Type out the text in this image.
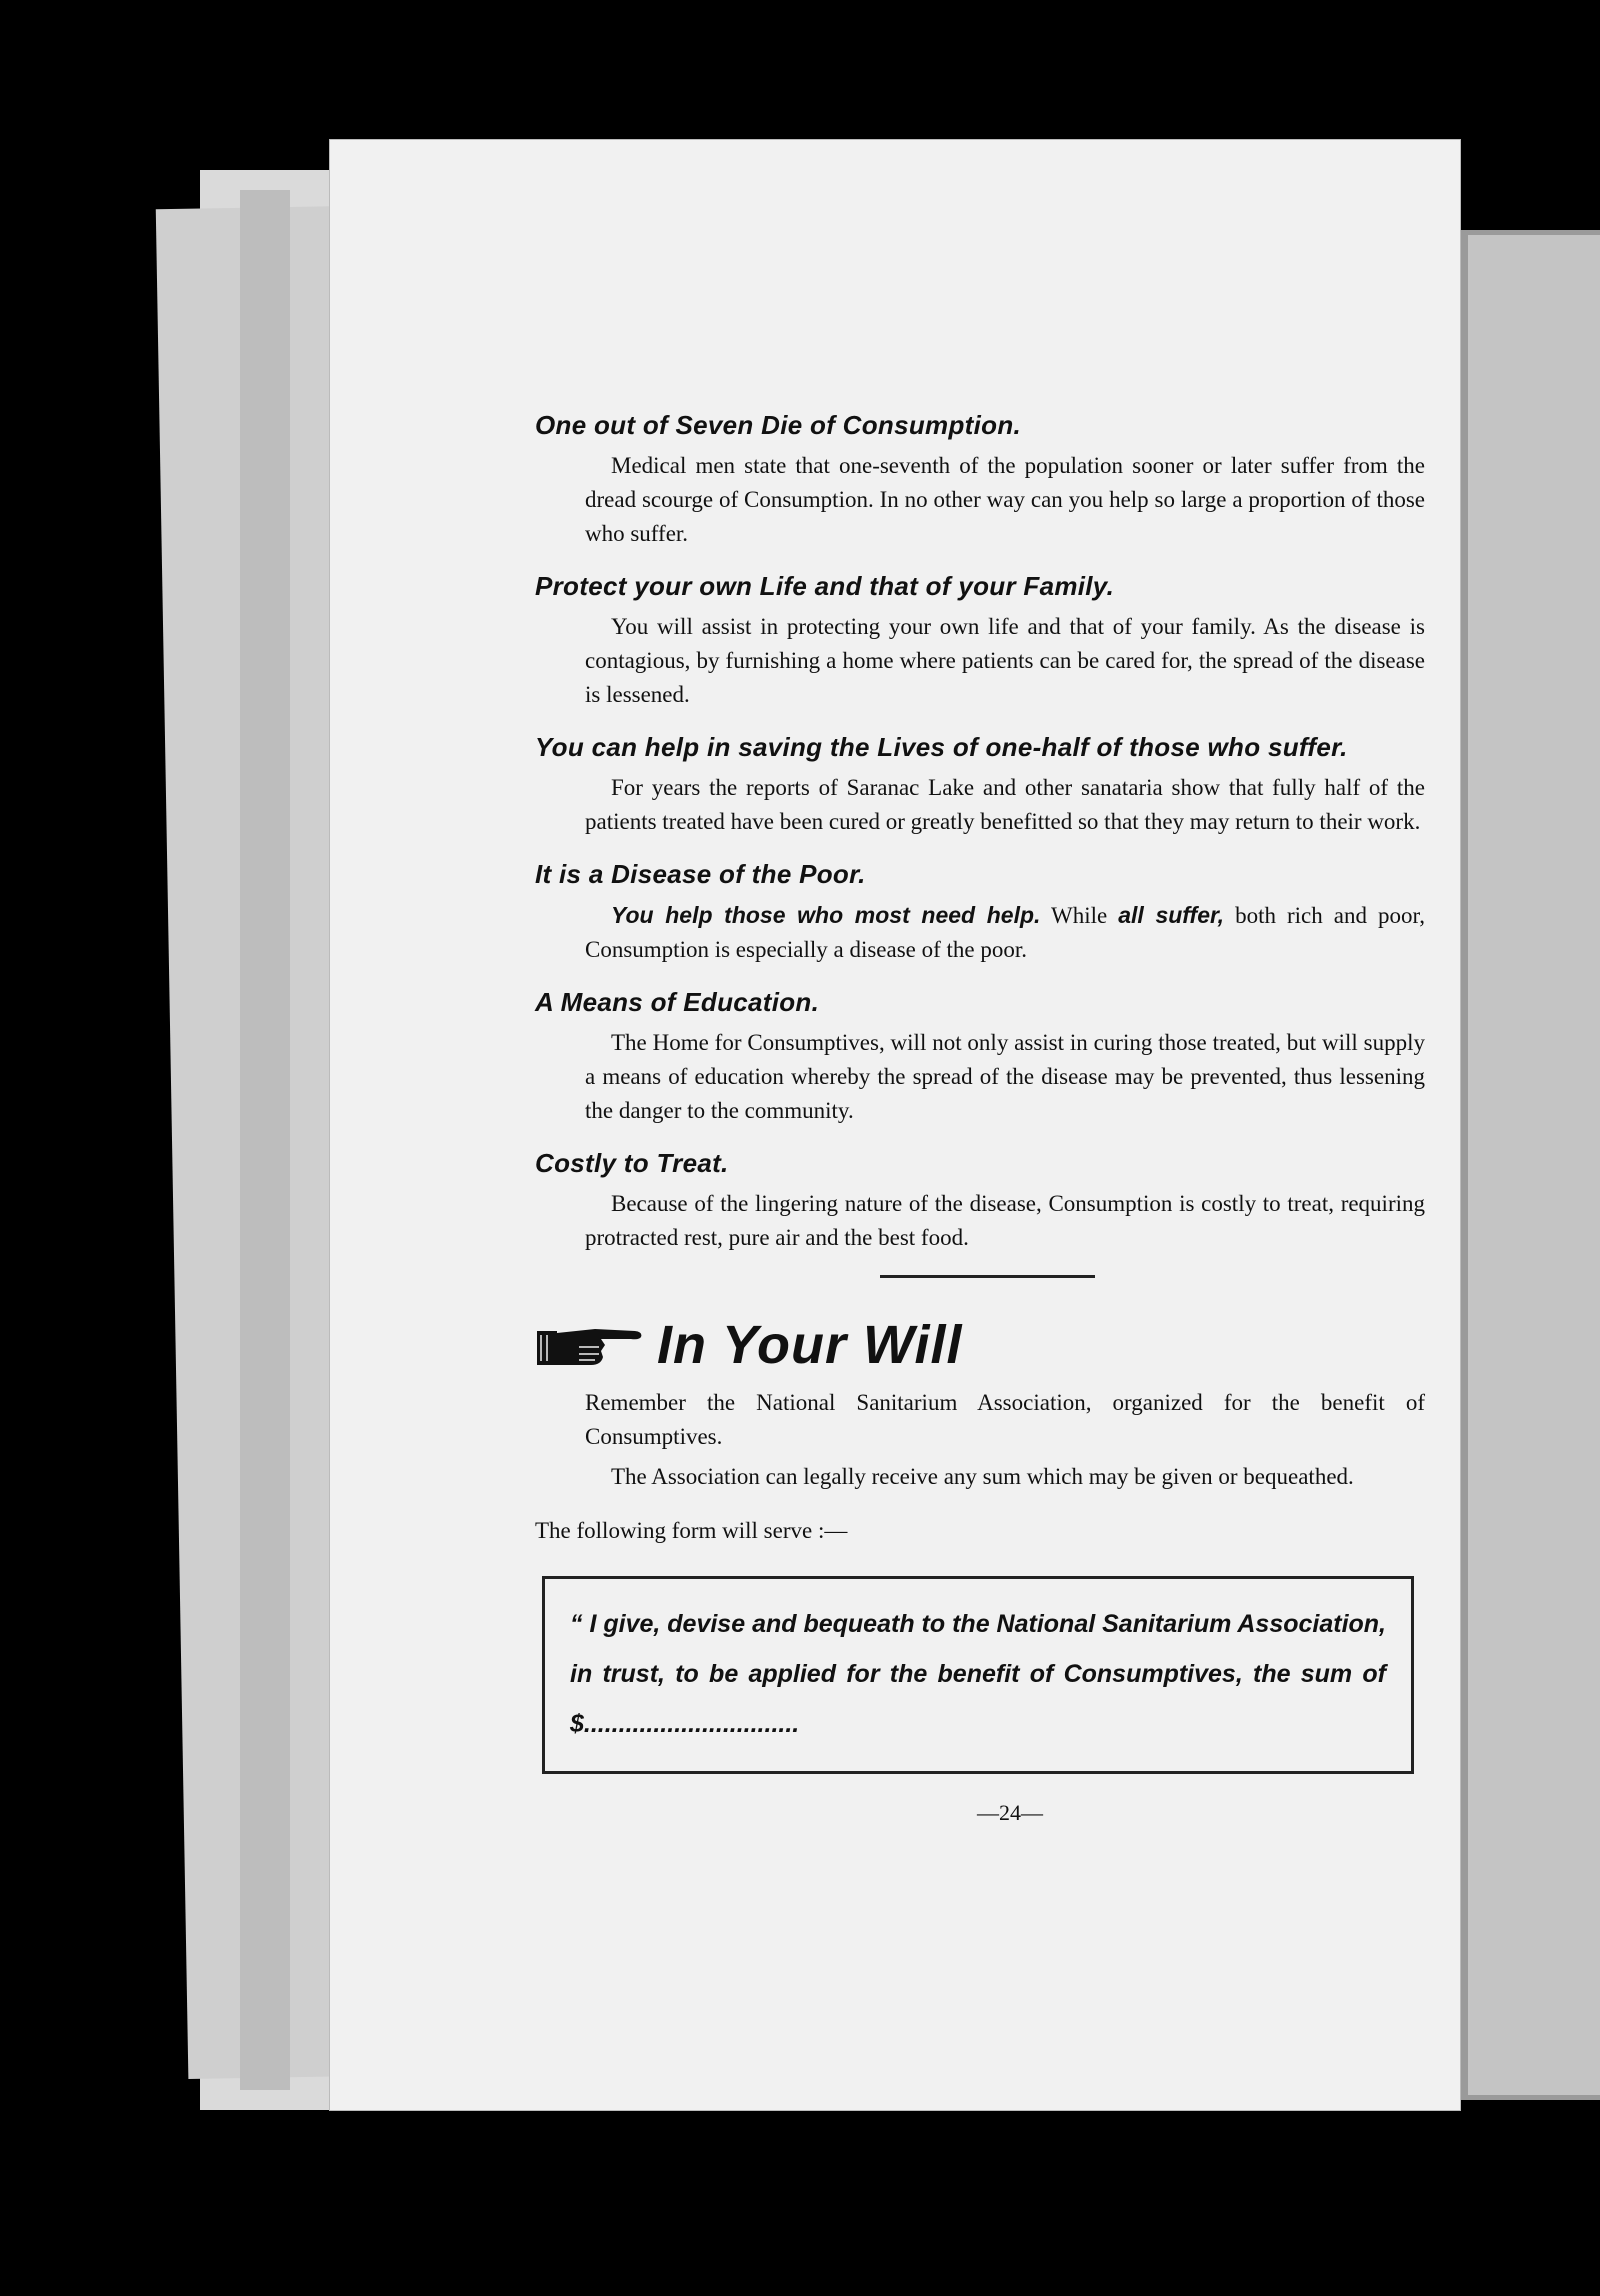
One out of Seven Die of Consumption.

Medical men state that one-seventh of the population sooner or later suffer from the dread scourge of Consumption. In no other way can you help so large a proportion of those who suffer.

Protect your own Life and that of your Family.

You will assist in protecting your own life and that of your family. As the disease is contagious, by furnishing a home where patients can be cared for, the spread of the disease is lessened.

You can help in saving the Lives of one-half of those who suffer.

For years the reports of Saranac Lake and other sanataria show that fully half of the patients treated have been cured or greatly benefitted so that they may return to their work.

It is a Disease of the Poor.

You help those who most need help. While all suffer, both rich and poor, Consumption is especially a disease of the poor.

A Means of Education.

The Home for Consumptives, will not only assist in curing those treated, but will supply a means of education whereby the spread of the disease may be prevented, thus lessening the danger to the community.

Costly to Treat.

Because of the lingering nature of the disease, Consumption is costly to treat, requiring protracted rest, pure air and the best food.

In Your Will

Remember the National Sanitarium Association, organized for the benefit of Consumptives.

The Association can legally receive any sum which may be given or bequeathed.

The following form will serve :—

“ I give, devise and bequeath to the National Sanitarium Association, in trust, to be applied for the benefit of Consumptives, the sum of $...............................

—24—
